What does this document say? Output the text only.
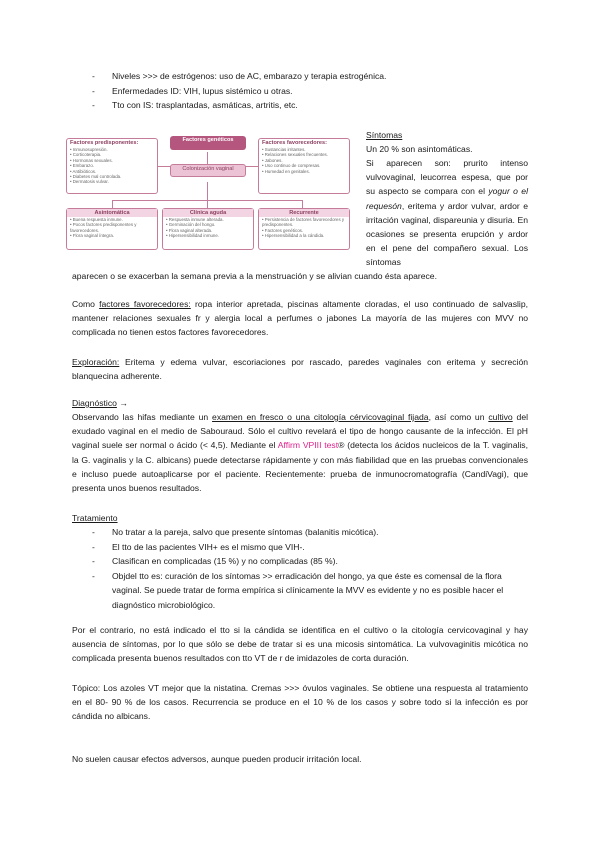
- Niveles >>> de estrógenos: uso de AC, embarazo y terapia estrogénica.
- Enfermedades ID: VIH, lupus sistémico u otras.
- Tto con IS: trasplantadas, asmáticas, artritis, etc.
Factores genéticos
Factores predisponentes:
• Inmunosupresión.
• Corticoterapia.
• Hormonas sexuales.
• Embarazo.
• Antibióticos.
• Diabetes mal controlada.
• Dermatosis vulvar.
Factores favorecedores:
• Sustancias irritantes.
• Relaciones sexuales frecuentes.
• Jabones.
• Uso continuo de compresas.
• Humedad en genitales.
Colonización vaginal
Asintomática
• Buena respuesta inmune.
• Pocos factores predisponentes y favorecedores.
• Flora vaginal íntegra.
Clínica aguda
• Respuesta inmune alterada.
• Germinación del hongo.
• Flora vaginal alterada.
• Hipersensibilidad inmune.
Recurrente
• Persistencia de factores favorecedores y predisponentes.
• Factores genéticos.
• Hipersensibilidad a la cándida.
Síntomas
Un 20 % son asintomáticas.
Si aparecen son: prurito intenso vulvovaginal, leucorrea espesa, que por su aspecto se compara con el yogur o el requesón, eritema y ardor vulvar, ardor e irritación vaginal, dispareunia y disuria. En ocasiones se presenta erupción y ardor en el pene del compañero sexual. Los síntomas
aparecen o se exacerban la semana previa a la menstruación y se alivian cuando ésta aparece.
Como factores favorecedores: ropa interior apretada, piscinas altamente cloradas, el uso continuado de salvaslip, mantener relaciones sexuales fr y alergia local a perfumes o jabones La mayoría de las mujeres con MVV no complicada no tienen estos factores favorecedores.
Exploración: Eritema y edema vulvar, escoriaciones por rascado, paredes vaginales con eritema y secreción blanquecina adherente.
Diagnóstico →
Observando las hifas mediante un examen en fresco o una citología cérvicovaginal fijada, así como un cultivo del exudado vaginal en el medio de Sabouraud. Sólo el cultivo revelará el tipo de hongo causante de la infección. El pH vaginal suele ser normal o ácido (< 4,5). Mediante el Affirm VPIII test® (detecta los ácidos nucleicos de la T. vaginalis, la G. vaginalis y la C. albicans) puede detectarse rápidamente y con más fiabilidad que en las pruebas convencionales e incluso puede autoaplicarse por el paciente. Recientemente: prueba de inmunocromatografía (CandiVagi), que presenta unos buenos resultados.
Tratamiento
- No tratar a la pareja, salvo que presente síntomas (balanitis micótica).
- El tto de las pacientes VIH+ es el mismo que VIH-.
- Clasifican en complicadas (15 %) y no complicadas (85 %).
- Objdel tto es: curación de los síntomas >> erradicación del hongo, ya que éste es comensal de la flora vaginal. Se puede tratar de forma empírica si clínicamente la MVV es evidente y no es posible hacer el diagnóstico microbiológico.
Por el contrario, no está indicado el tto si la cándida se identifica en el cultivo o la citología cervicovaginal y hay ausencia de síntomas, por lo que sólo se debe de tratar si es una micosis sintomática. La vulvovaginitis micótica no complicada presenta buenos resultados con tto VT de r de imidazoles de corta duración.
Tópico: Los azoles VT mejor que la nistatina. Cremas >>> óvulos vaginales. Se obtiene una respuesta al tratamiento en el 80- 90 % de los casos. Recurrencia se produce en el 10 % de los casos y sobre todo si la infección es por cándida no albicans.
No suelen causar efectos adversos, aunque pueden producir irritación local.
